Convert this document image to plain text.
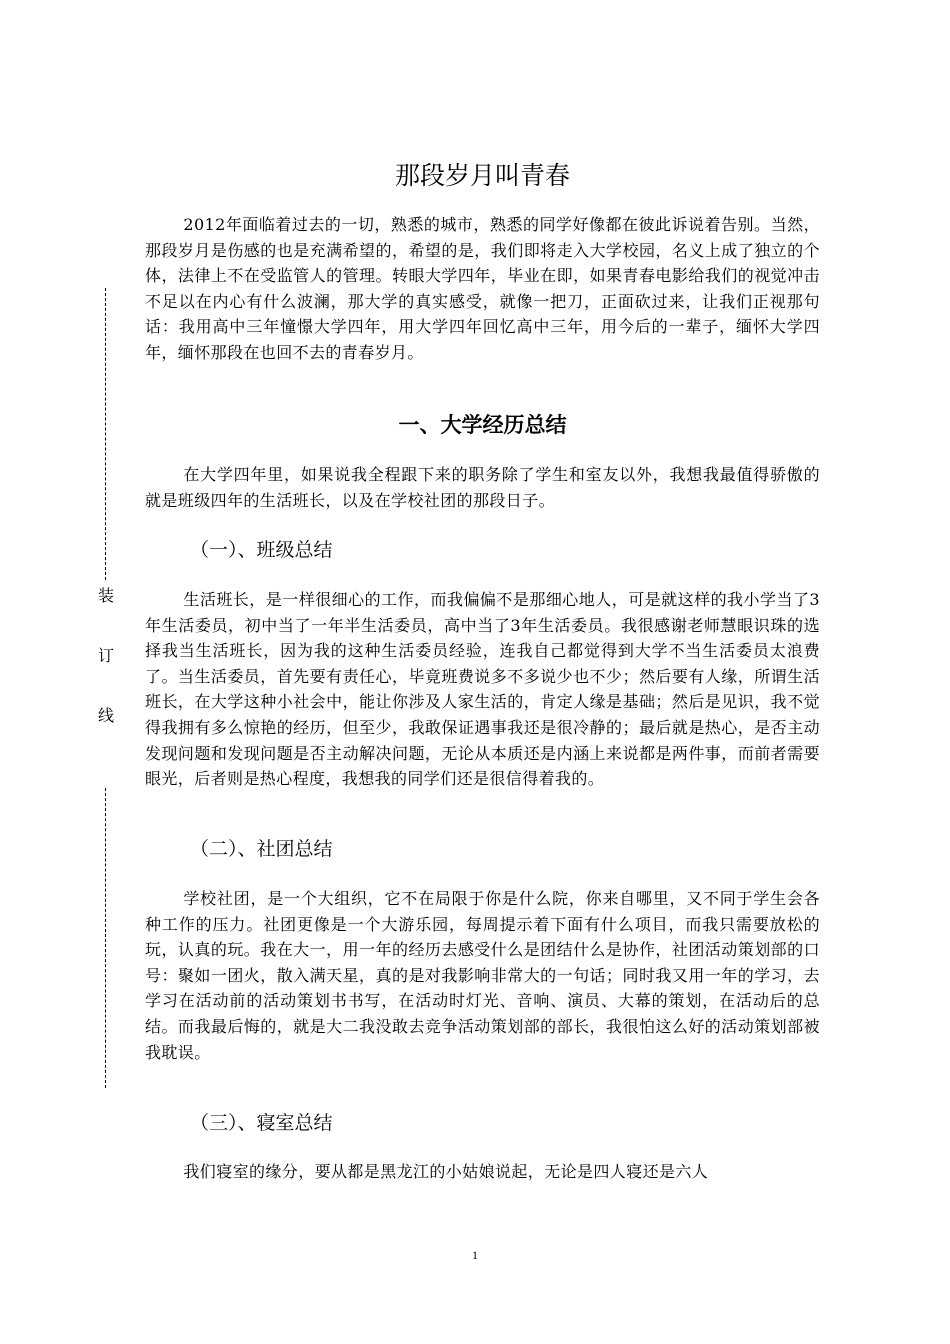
装
订
线
那段岁月叫青春

2012年面临着过去的一切，熟悉的城市，熟悉的同学好像都在彼此诉说着告别。当然，那段岁月是伤感的也是充满希望的，希望的是，我们即将走入大学校园，名义上成了独立的个体，法律上不在受监管人的管理。转眼大学四年，毕业在即，如果青春电影给我们的视觉冲击不足以在内心有什么波澜，那大学的真实感受，就像一把刀，正面砍过来，让我们正视那句话：我用高中三年憧憬大学四年，用大学四年回忆高中三年，用今后的一辈子，缅怀大学四年，缅怀那段在也回不去的青春岁月。

一、大学经历总结

在大学四年里，如果说我全程跟下来的职务除了学生和室友以外，我想我最值得骄傲的就是班级四年的生活班长，以及在学校社团的那段日子。

（一）、班级总结

生活班长，是一样很细心的工作，而我偏偏不是那细心地人，可是就这样的我小学当了3年生活委员，初中当了一年半生活委员，高中当了3年生活委员。我很感谢老师慧眼识珠的选择我当生活班长，因为我的这种生活委员经验，连我自己都觉得到大学不当生活委员太浪费了。当生活委员，首先要有责任心，毕竟班费说多不多说少也不少；然后要有人缘，所谓生活班长，在大学这种小社会中，能让你涉及人家生活的，肯定人缘是基础；然后是见识，我不觉得我拥有多么惊艳的经历，但至少，我敢保证遇事我还是很冷静的；最后就是热心，是否主动发现问题和发现问题是否主动解决问题，无论从本质还是内涵上来说都是两件事，而前者需要眼光，后者则是热心程度，我想我的同学们还是很信得着我的。

（二）、社团总结

学校社团，是一个大组织，它不在局限于你是什么院，你来自哪里，又不同于学生会各种工作的压力。社团更像是一个大游乐园，每周提示着下面有什么项目，而我只需要放松的玩，认真的玩。我在大一，用一年的经历去感受什么是团结什么是协作，社团活动策划部的口号：聚如一团火，散入满天星，真的是对我影响非常大的一句话；同时我又用一年的学习，去学习在活动前的活动策划书书写，在活动时灯光、音响、演员、大幕的策划，在活动后的总结。而我最后悔的，就是大二我没敢去竞争活动策划部的部长，我很怕这么好的活动策划部被我耽误。

（三）、寝室总结

我们寝室的缘分，要从都是黑龙江的小姑娘说起，无论是四人寝还是六人

1
